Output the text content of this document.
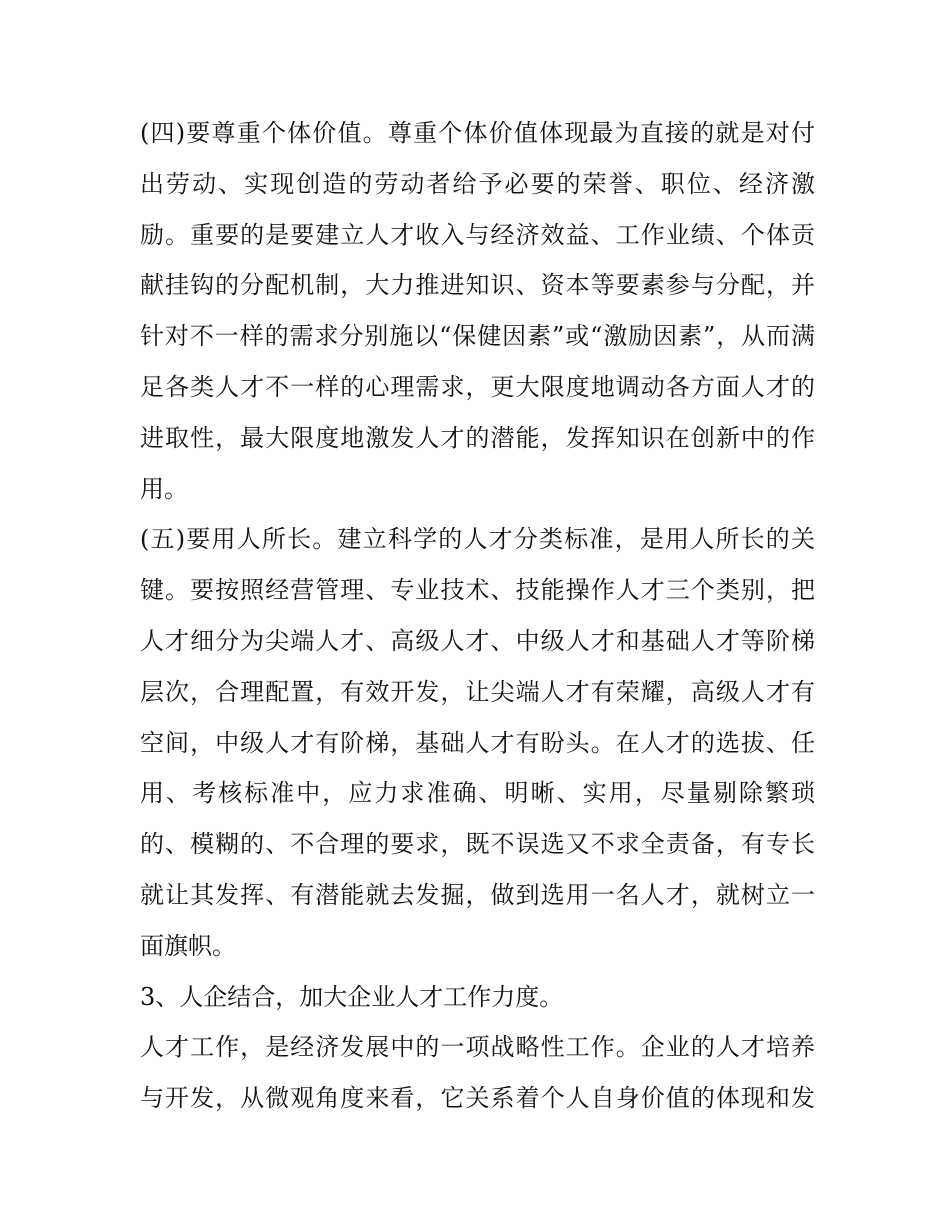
(四)要尊重个体价值。尊重个体价值体现最为直接的就是对付
出劳动、实现创造的劳动者给予必要的荣誉、职位、经济激
励。重要的是要建立人才收入与经济效益、工作业绩、个体贡
献挂钩的分配机制，大力推进知识、资本等要素参与分配，并
针对不一样的需求分别施以“保健因素”或“激励因素”，从而满
足各类人才不一样的心理需求，更大限度地调动各方面人才的
进取性，最大限度地激发人才的潜能，发挥知识在创新中的作
用。
(五)要用人所长。建立科学的人才分类标准，是用人所长的关
键。要按照经营管理、专业技术、技能操作人才三个类别，把
人才细分为尖端人才、高级人才、中级人才和基础人才等阶梯
层次，合理配置，有效开发，让尖端人才有荣耀，高级人才有
空间，中级人才有阶梯，基础人才有盼头。在人才的选拔、任
用、考核标准中，应力求准确、明晰、实用，尽量剔除繁琐
的、模糊的、不合理的要求，既不误选又不求全责备，有专长
就让其发挥、有潜能就去发掘，做到选用一名人才，就树立一
面旗帜。
3、人企结合，加大企业人才工作力度。
人才工作，是经济发展中的一项战略性工作。企业的人才培养
与开发，从微观角度来看，它关系着个人自身价值的体现和发
